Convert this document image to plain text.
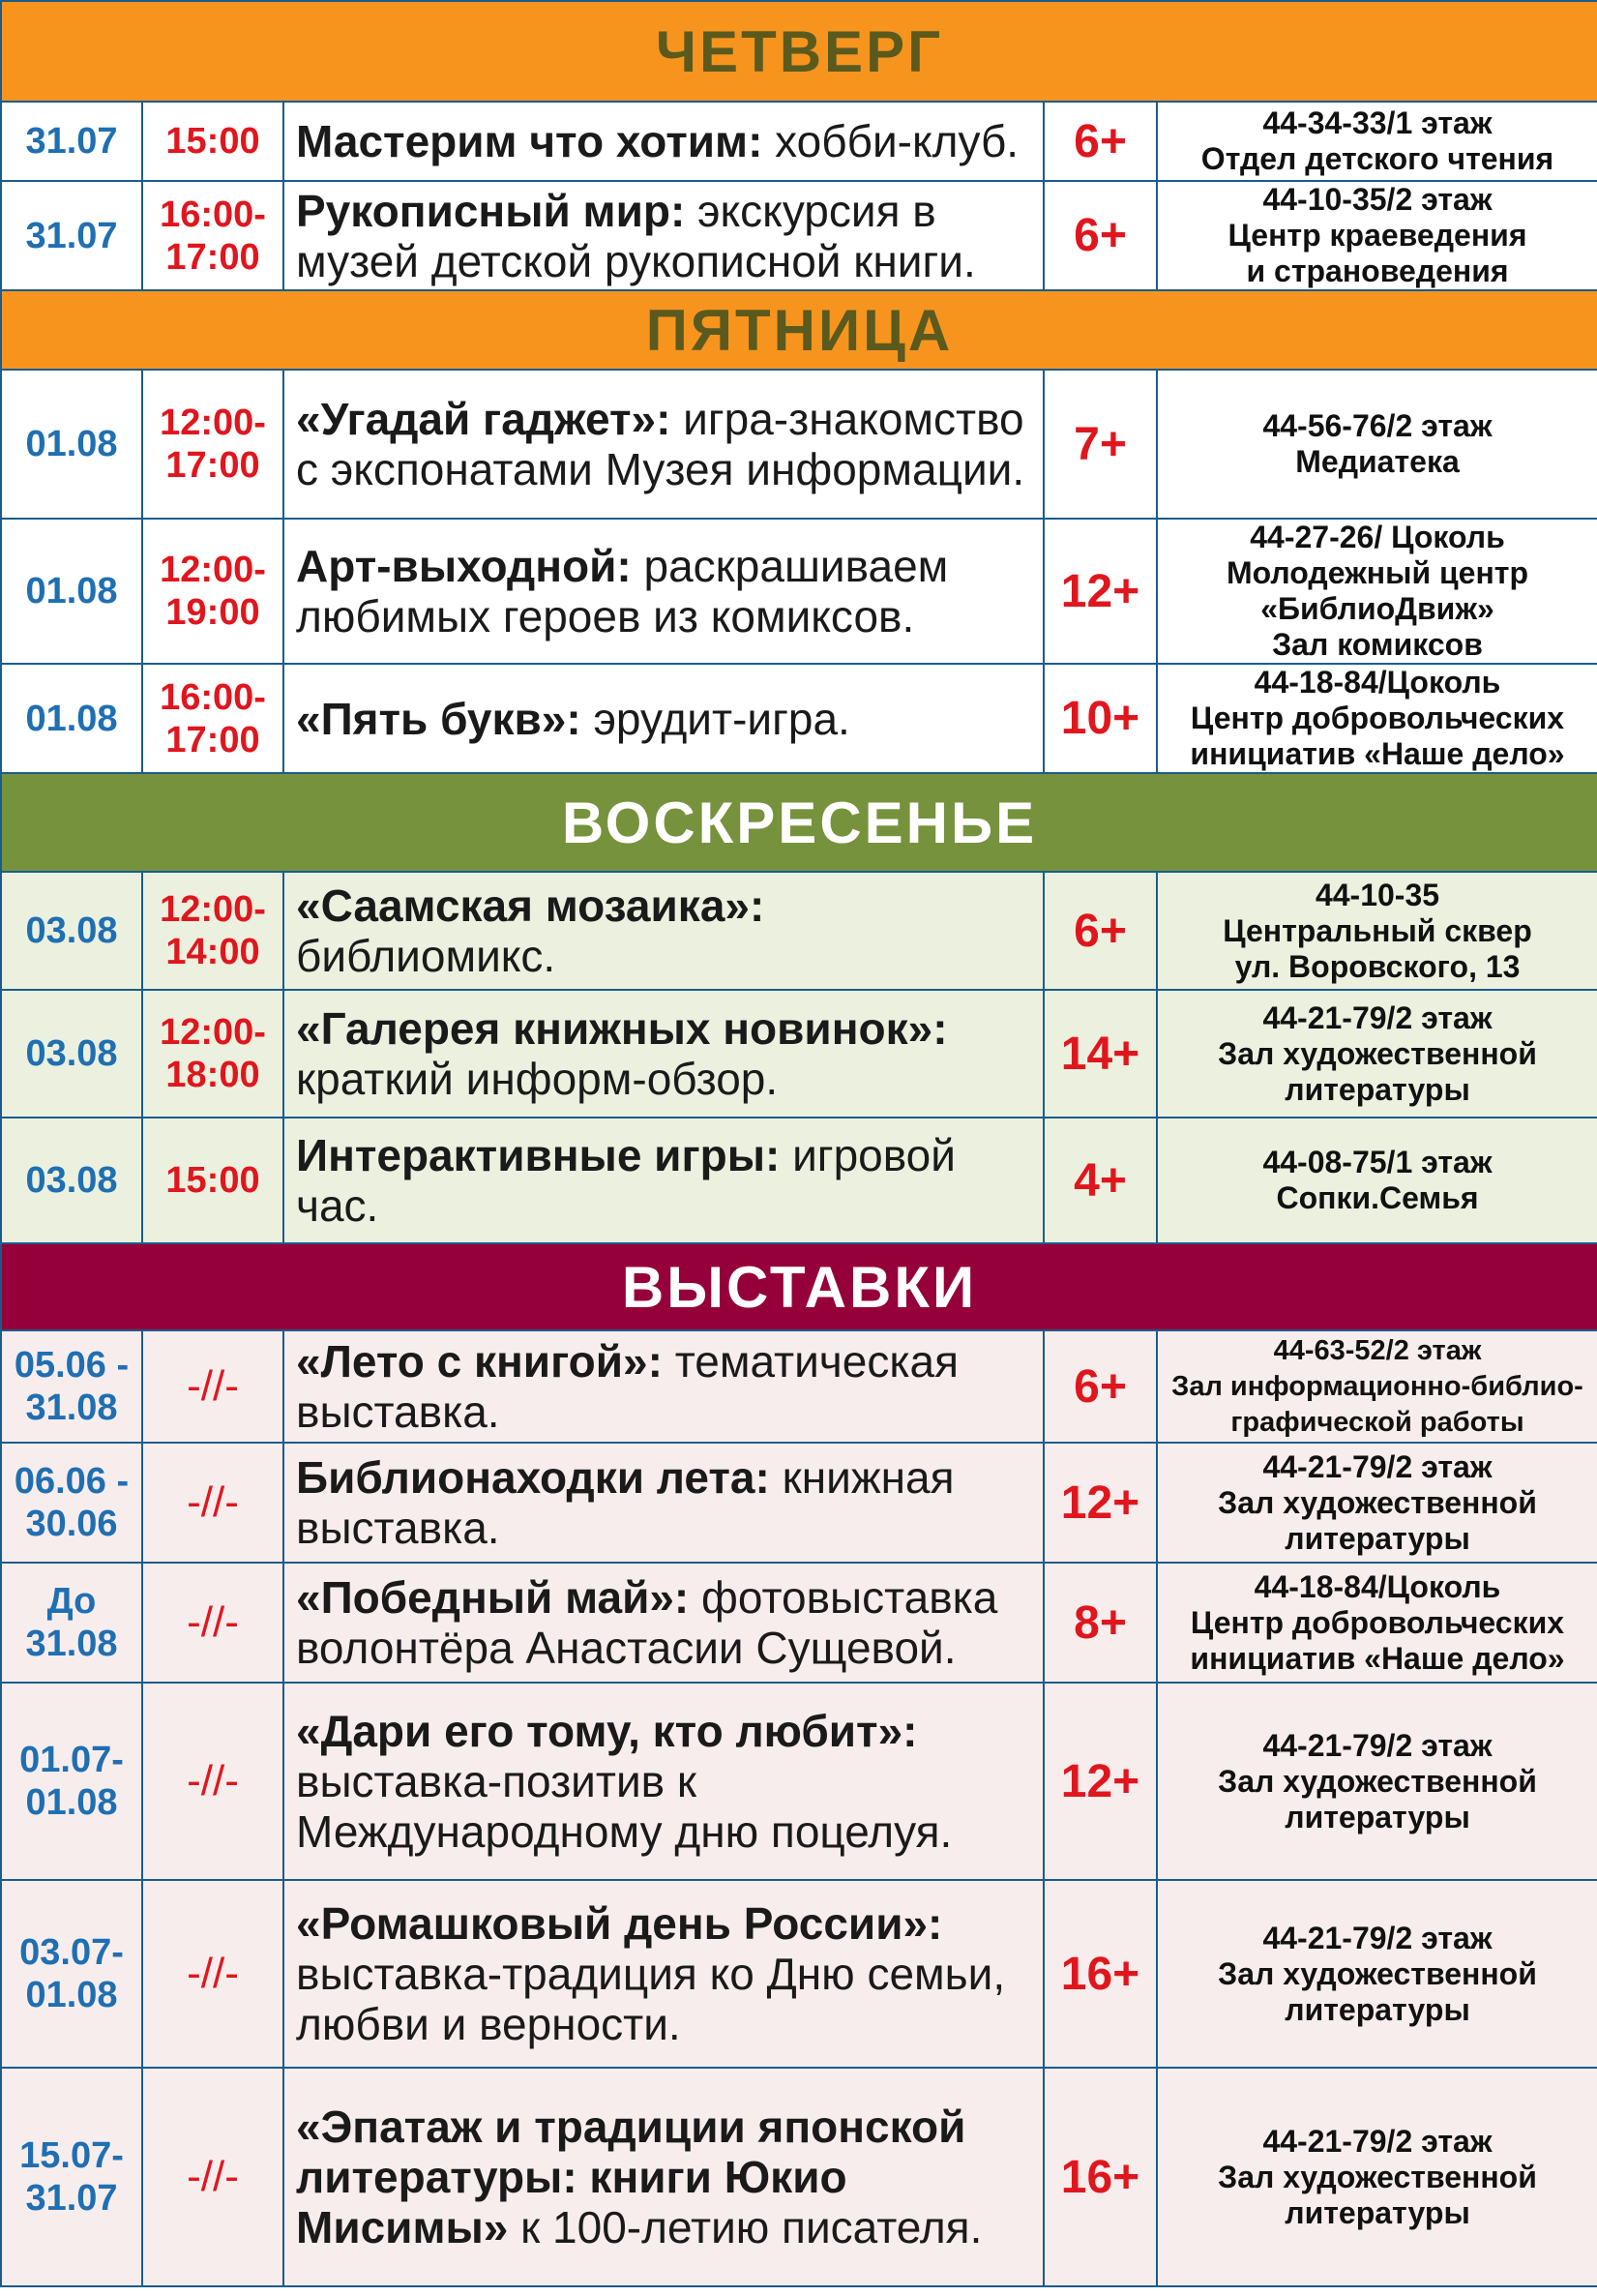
ЧЕТВЕРГ				
31.07	15:00	Мастерим что хотим: хобби-клуб.	6+	44-34-33/1 этаж
Отдел детского чтения
31.07	16:00-
17:00	Рукописный мир: экскурсия в музей детской рукописной книги.	6+	44-10-35/2 этаж
Центр краеведения
и страноведения
ПЯТНИЦА				
01.08	12:00-
17:00	«Угадай гаджет»: игра-знакомство с экспонатами Музея информации.	7+	44-56-76/2 этаж
Медиатека
01.08	12:00-
19:00	Арт-выходной: раскрашиваем любимых героев из комиксов.	12+	44-27-26/ Цоколь
Молодежный центр
«БиблиоДвиж»
Зал комиксов
01.08	16:00-
17:00	«Пять букв»: эрудит-игра.	10+	44-18-84/Цоколь
Центр добровольческих
инициатив «Наше дело»
ВОСКРЕСЕНЬЕ				
03.08	12:00-
14:00	«Саамская мозаика»: библиомикс.	6+	44-10-35
Центральный сквер
ул. Воровского, 13
03.08	12:00-
18:00	«Галерея книжных новинок»: краткий информ-обзор.	14+	44-21-79/2 этаж
Зал художественной
литературы
03.08	15:00	Интерактивные игры: игровой час.	4+	44-08-75/1 этаж
Сопки.Семья
ВЫСТАВКИ				
05.06 - 31.08	-//-	«Лето с книгой»: тематическая выставка.	6+	44-63-52/2 этаж
Зал информационно-библио-
графической работы
06.06 - 30.06	-//-	Библионаходки лета: книжная выставка.	12+	44-21-79/2 этаж
Зал художественной
литературы
До 31.08	-//-	«Победный май»: фотовыставка волонтёра Анастасии Сущевой.	8+	44-18-84/Цоколь
Центр добровольческих
инициатив «Наше дело»
01.07- 01.08	-//-	«Дари его тому, кто любит»: выставка-позитив к Международному дню поцелуя.	12+	44-21-79/2 этаж
Зал художественной
литературы
03.07- 01.08	-//-	«Ромашковый день России»: выставка-традиция ко Дню семьи, любви и верности.	16+	44-21-79/2 этаж
Зал художественной
литературы
15.07- 31.07	-//-	«Эпатаж и традиции японской литературы: книги Юкио Мисимы» к 100-летию писателя.	16+	44-21-79/2 этаж
Зал художественной
литературы
